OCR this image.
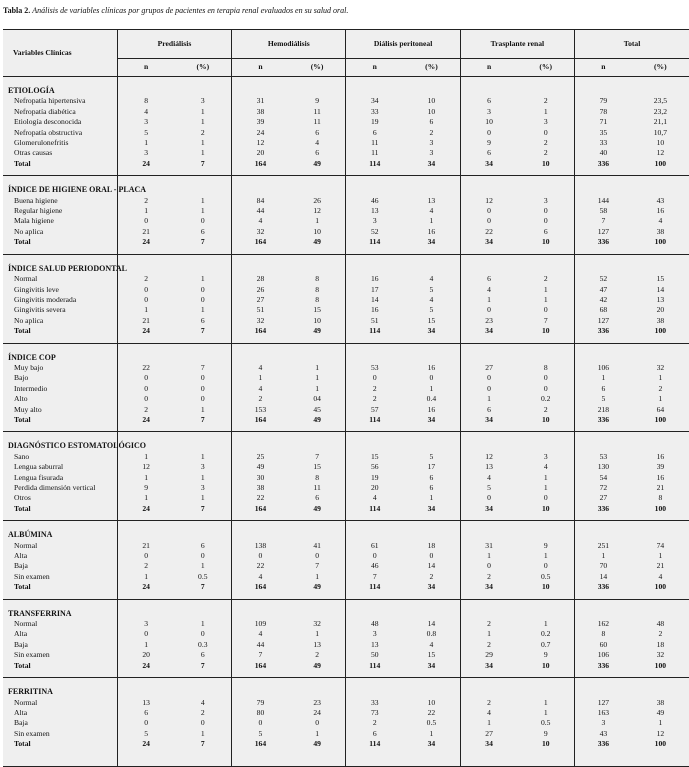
Tabla 2. Análisis de variables clínicas por grupos de pacientes en terapia renal evaluados en su salud oral.
Variables Clínicas	Prediálisis		Hemodiálisis		Diálisis peritoneal		Trasplante renal		Total	
	n	(%)	n	(%)	n	(%)	n	(%)	n	(%)
ETIOLOGÍA										
Nefropatía hipertensiva	8	3	31	9	34	10	6	2	79	23,5
Nefropatía diabética	4	1	38	11	33	10	3	1	78	23,2
Etiología desconocida	3	1	39	11	19	6	10	3	71	21,1
Nefropatía obstructiva	5	2	24	6	6	2	0	0	35	10,7
Glomerulonefritis	1	1	12	4	11	3	9	2	33	10
Otras causas	3	1	20	6	11	3	6	2	40	12
Total	24	7	164	49	114	34	34	10	336	100
ÍNDICE DE HIGIENE ORAL - PLACA										
Buena higiene	2	1	84	26	46	13	12	3	144	43
Regular higiene	1	1	44	12	13	4	0	0	58	16
Mala higiene	0	0	4	1	3	1	0	0	7	4
No aplica	21	6	32	10	52	16	22	6	127	38
Total	24	7	164	49	114	34	34	10	336	100
ÍNDICE SALUD PERIODONTAL										
Normal	2	1	28	8	16	4	6	2	52	15
Gingivitis leve	0	0	26	8	17	5	4	1	47	14
Gingivitis moderada	0	0	27	8	14	4	1	1	42	13
Gingivitis severa	1	1	51	15	16	5	0	0	68	20
No aplica	21	6	32	10	51	15	23	7	127	38
Total	24	7	164	49	114	34	34	10	336	100
ÍNDICE COP										
Muy bajo	22	7	4	1	53	16	27	8	106	32
Bajo	0	0	1	1	0	0	0	0	1	1
Intermedio	0	0	4	1	2	1	0	0	6	2
Alto	0	0	2	04	2	0.4	1	0.2	5	1
Muy alto	2	1	153	45	57	16	6	2	218	64
Total	24	7	164	49	114	34	34	10	336	100
DIAGNÓSTICO ESTOMATOLÓGICO										
Sano	1	1	25	7	15	5	12	3	53	16
Lengua saburral	12	3	49	15	56	17	13	4	130	39
Lengua fisurada	1	1	30	8	19	6	4	1	54	16
Perdida dimensión vertical	9	3	38	11	20	6	5	1	72	21
Otros	1	1	22	6	4	1	0	0	27	8
Total	24	7	164	49	114	34	34	10	336	100
ALBÚMINA										
Normal	21	6	138	41	61	18	31	9	251	74
Alta	0	0	0	0	0	0	1	1	1	1
Baja	2	1	22	7	46	14	0	0	70	21
Sin examen	1	0.5	4	1	7	2	2	0.5	14	4
Total	24	7	164	49	114	34	34	10	336	100
TRANSFERRINA										
Normal	3	1	109	32	48	14	2	1	162	48
Alta	0	0	4	1	3	0.8	1	0.2	8	2
Baja	1	0.3	44	13	13	4	2	0.7	60	18
Sin examen	20	6	7	2	50	15	29	9	106	32
Total	24	7	164	49	114	34	34	10	336	100
FERRITINA										
Normal	13	4	79	23	33	10	2	1	127	38
Alta	6	2	80	24	73	22	4	1	163	49
Baja	0	0	0	0	2	0.5	1	0.5	3	1
Sin examen	5	1	5	1	6	1	27	9	43	12
Total	24	7	164	49	114	34	34	10	336	100
